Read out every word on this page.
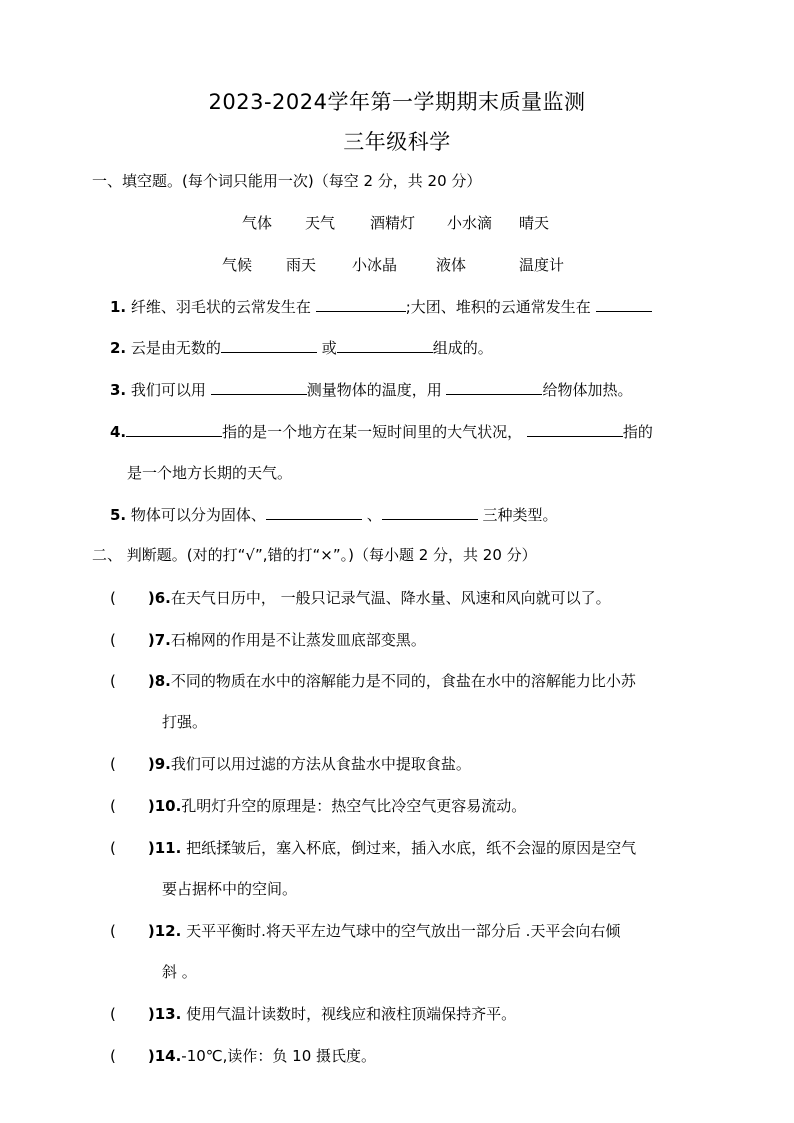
2023-2024学年第一学期期末质量监测
三年级科学
一、填空题。(每个词只能用一次)（每空 2 分，共 20 分）
气体 天气 酒精灯 小水滴 晴天
气候 雨天 小冰晶	液体	温度计
1. 纤维、羽毛状的云常发生在	;大团、堆积的云通常发生在
2. 云是由无数的	或	组成的。
3. 我们可以用	测量物体的温度，用	给物体加热。
4.	指的是一个地方在某一短时间里的大气状况，	指的
是一个地方长期的天气。
5. 物体可以分为固体、	、	三种类型。
二、 判断题。(对的打“√”,错的打“×”。)（每小题 2 分，共 20 分）
( )6.在天气日历中， 一般只记录气温、降水量、风速和风向就可以了。
( )7.石棉网的作用是不让蒸发皿底部变黑。
( )8.不同的物质在水中的溶解能力是不同的，食盐在水中的溶解能力比小苏
打强。
( )9.我们可以用过滤的方法从食盐水中提取食盐。
( )10.孔明灯升空的原理是：热空气比冷空气更容易流动。
( )11. 把纸揉皱后，塞入杯底，倒过来，插入水底，纸不会湿的原因是空气
要占据杯中的空间。
( )12. 天平平衡时.将天平左边气球中的空气放出一部分后 .天平会向右倾
斜 。
( )13. 使用气温计读数时，视线应和液柱顶端保持齐平。
( )14.-10℃,读作：负 10 摄氏度。
